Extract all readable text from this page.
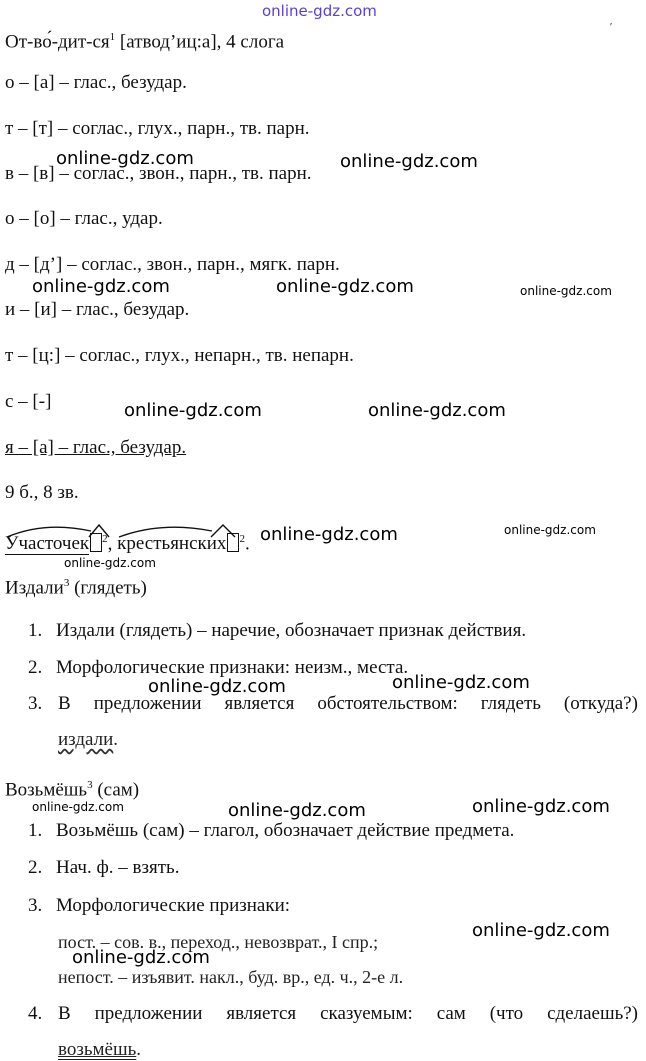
online-gdz.com
′
$От-во́-дит-ся^1$ [атвод’иц:а], 4 слога
о – [а] – глас., безудар.
т – [т] – соглас., глух., парн., тв. парн.
в – [в] – соглас., звон., парн., тв. парн.
о – [о] – глас., удар.
д – [д’] – соглас., звон., парн., мягк. парн.
и – [и] – глас., безудар.
т – [ц:] – соглас., глух., непарн., тв. непарн.
с – [-]
я – [а] – глас., безудар.
9 б., 8 зв.
Участочек $^2$,
крестьянских $^2$.
Издали$^3$ (глядеть)
1. Издали (глядеть) – наречие, обозначает признак действия.
2. Морфологические признаки: неизм., места.
3. В предложении является обстоятельством: глядеть (откуда?)
издали.
Возьмёшь$^3$ (сам)
1. Возьмёшь (сам) – глагол, обозначает действие предмета.
2. Нач. ф. – взять.
3. Морфологические признаки:
пост. – сов. в., переход., невозврат., I спр.;
непост. – изъявит. накл., буд. вр., ед. ч., 2-е л.
4. В предложении является сказуемым: сам (что сделаешь?)
возьмёшь.
online-gdz.com	online-gdz.com
online-gdz.com	online-gdz.com	online-gdz.com
online-gdz.com	online-gdz.com
online-gdz.com	online-gdz.com
online-gdz.com
online-gdz.com	online-gdz.com
online-gdz.com	online-gdz.com	online-gdz.com
online-gdz.com
online-gdz.com
